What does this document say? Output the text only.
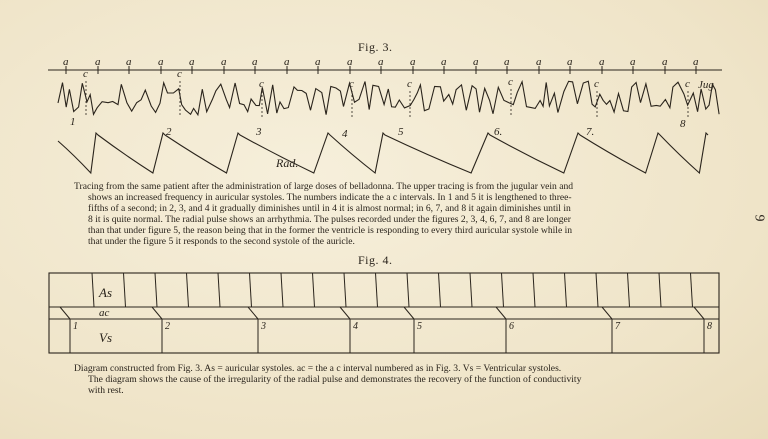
Fig. 3.
a a a a a a a a a a a a a a a a a a a a a
c	c
c	c	c	c	c	c
1
2	3	4	5	6.	7.
8
Jug
Rad.
Tracing from the same patient after the administration of large doses of belladonna. The upper tracing is from the jugular vein and
shows an increased frequency in auricular systoles. The numbers indicate the a c intervals. In 1 and 5 it is lengthened to three-
fifths of a second; in 2, 3, and 4 it gradually diminishes until in 4 it is almost normal; in 6, 7, and 8 it again diminishes until in
8 it is quite normal. The radial pulse shows an arrhythmia. The pulses recorded under the figures 2, 3, 4, 6, 7, and 8 are longer
than that under figure 5, the reason being that in the former the ventricle is responding to every third auricular systole while in
that under the figure 5 it responds to the second systole of the auricle.
9
Fig. 4.
As
ac
Vs
1	2	3	4	5	6	7	8
Diagram constructed from Fig. 3. As = auricular systoles. ac = the a c interval numbered as in Fig. 3. Vs = Ventricular systoles.
The diagram shows the cause of the irregularity of the radial pulse and demonstrates the recovery of the function of conductivity
with rest.
